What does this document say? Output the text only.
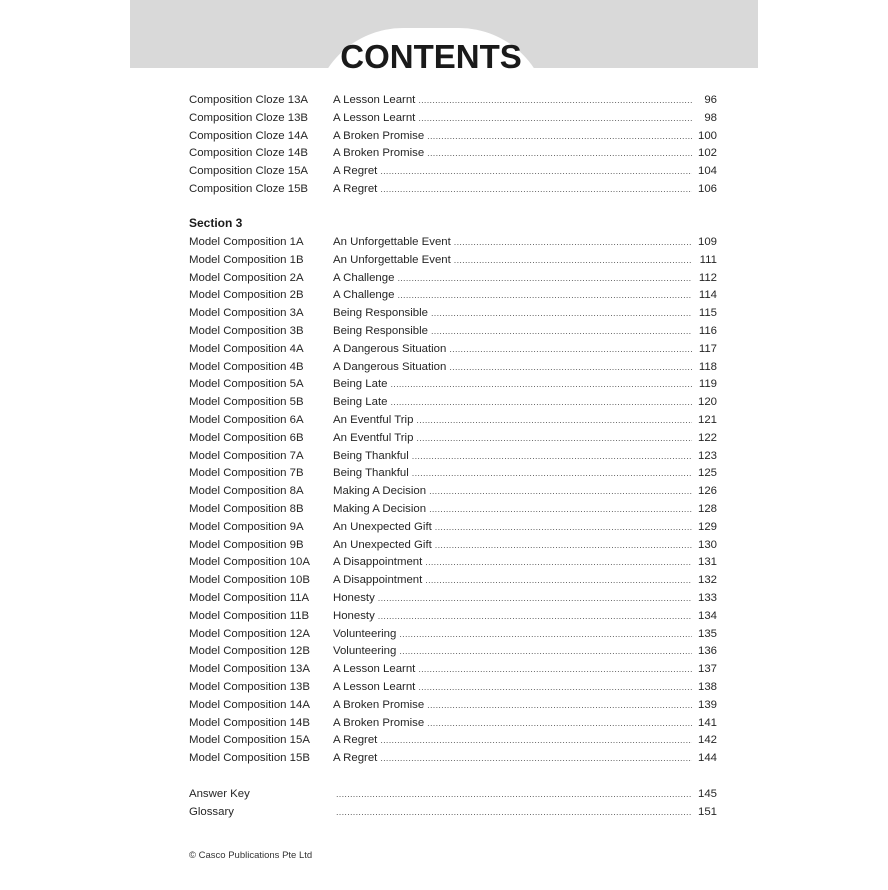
CONTENTS
Composition Cloze 13A A Lesson Learnt .....	96
Composition Cloze 13B A Lesson Learnt .....	98
Composition Cloze 14A A Broken Promise .....	100
Composition Cloze 14B A Broken Promise .....	102
Composition Cloze 15A A Regret .....	104
Composition Cloze 15B A Regret .....	106
Section 3
Model Composition 1A	An Unforgettable Event .....	109
Model Composition 1B	An Unforgettable Event .....	111
Model Composition 2A	A Challenge .....	112
Model Composition 2B	A Challenge .....	114
Model Composition 3A	Being Responsible .....	115
Model Composition 3B	Being Responsible .....	116
Model Composition 4A	A Dangerous Situation .....	117
Model Composition 4B	A Dangerous Situation .....	118
Model Composition 5A	Being Late .....	119
Model Composition 5B	Being Late .....	120
Model Composition 6A	An Eventful Trip .....	121
Model Composition 6B	An Eventful Trip .....	122
Model Composition 7A	Being Thankful .....	123
Model Composition 7B	Being Thankful .....	125
Model Composition 8A	Making A Decision .....	126
Model Composition 8B	Making A Decision .....	128
Model Composition 9A	An Unexpected Gift .....	129
Model Composition 9B	An Unexpected Gift .....	130
Model Composition 10A A Disappointment .....	131
Model Composition 10B A Disappointment .....	132
Model Composition 11A Honesty .....	133
Model Composition 11B Honesty .....	134
Model Composition 12A Volunteering .....	135
Model Composition 12B Volunteering .....	136
Model Composition 13A A Lesson Learnt .....	137
Model Composition 13B A Lesson Learnt .....	138
Model Composition 14A A Broken Promise .....	139
Model Composition 14B A Broken Promise .....	141
Model Composition 15A A Regret .....	142
Model Composition 15B A Regret .....	144
Answer Key .....	145
Glossary .....	151
© Casco Publications Pte Ltd
